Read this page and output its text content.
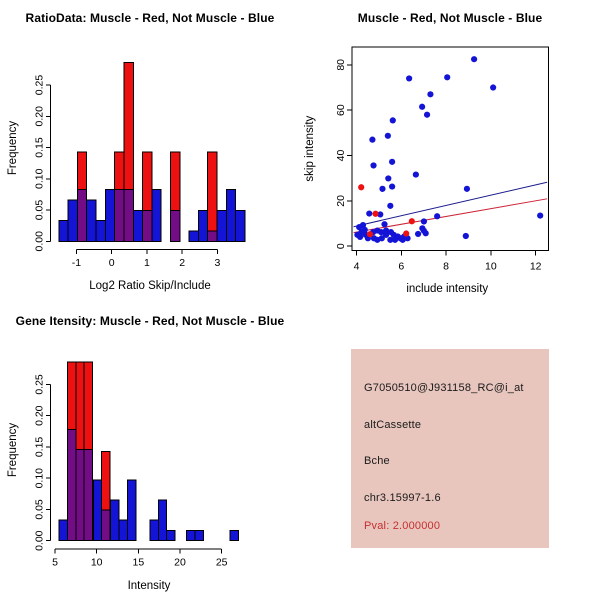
RatioData: Muscle - Red, Not Muscle - Blue	Muscle - Red, Not Muscle - Blue
Gene Itensity: Muscle - Red, Not Muscle - Blue
-1	0	1	2	3
Log2 Ratio Skip/Include
0.00
0.05
0.10
0.15
0.20
0.25
Frequency
4	6	8	10	12
include intensity
0
20
40
60
80
skip intensity
5	10	15	20	25
Intensity
0.00
0.05
0.10
0.15
0.20
0.25
Frequency
G7050510@J931158_RC@i_at
altCassette
Bche
chr3.15997-1.6
Pval: 2.000000
